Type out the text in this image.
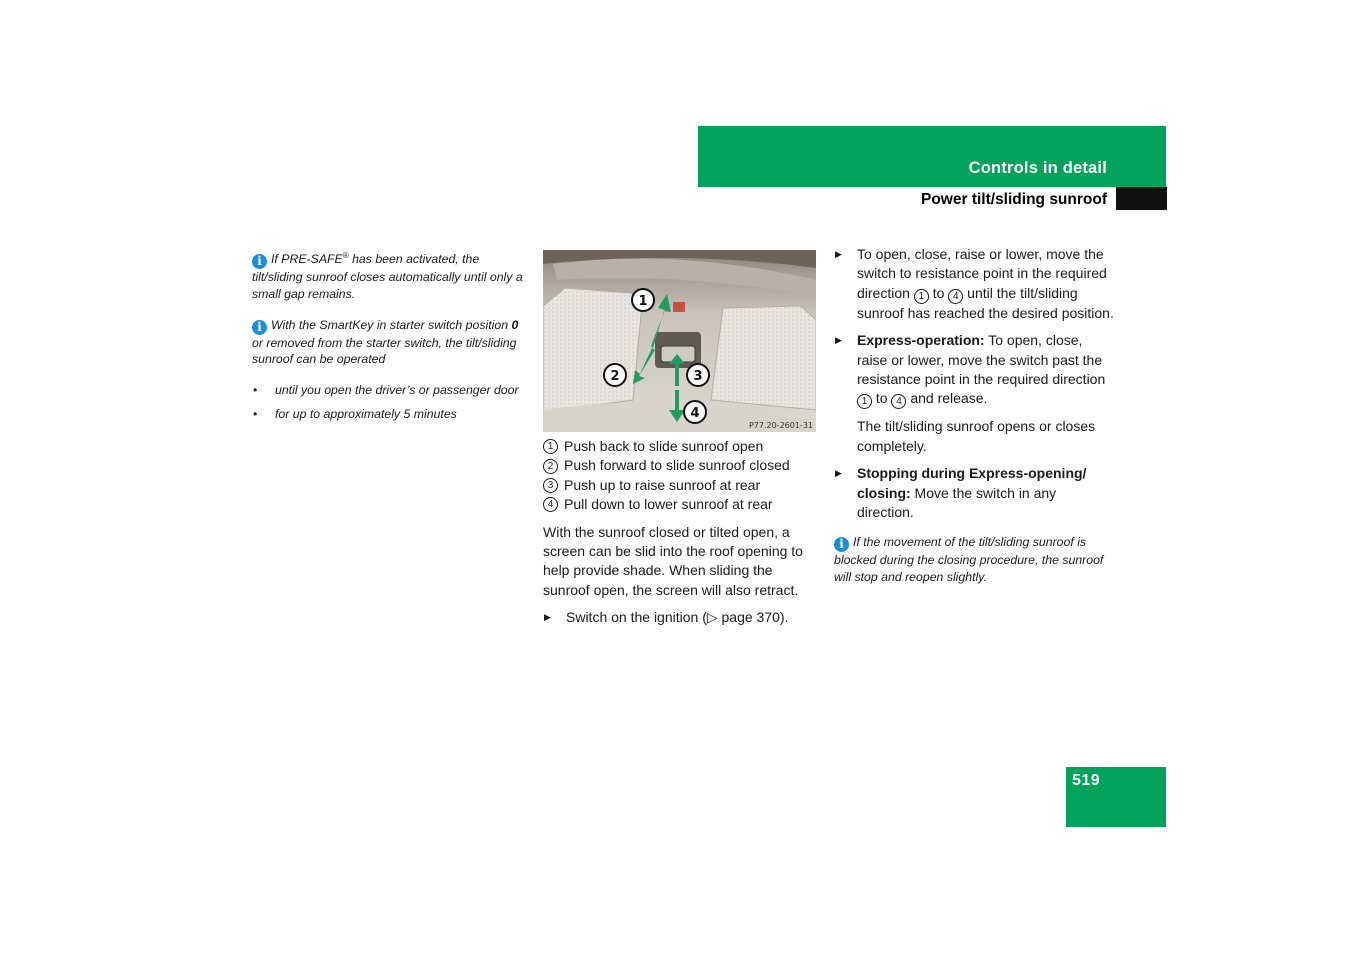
Controls in detail
Power tilt/sliding sunroof
519

i If PRE-SAFE® has been activated, the tilt/sliding sunroof closes automatically until only a small gap remains.

i With the SmartKey in starter switch position 0 or removed from the starter switch, the tilt/sliding sunroof can be operated

• until you open the driver’s or passenger door
• for up to approximately 5 minutes
1
2	3
4
P77.20-2601-31
1 Push back to slide sunroof open
2 Push forward to slide sunroof closed
3 Push up to raise sunroof at rear
4 Pull down to lower sunroof at rear

With the sunroof closed or tilted open, a screen can be slid into the roof opening to help provide shade. When sliding the sunroof open, the screen will also retract.

▶ Switch on the ignition (▷ page 370).

▶ To open, close, raise or lower, move the switch to resistance point in the required direction 1 to 4 until the tilt/sliding sunroof has reached the desired position.

▶ Express-operation: To open, close, raise or lower, move the switch past the resistance point in the required direction 1 to 4 and release.

The tilt/sliding sunroof opens or closes completely.

▶ Stopping during Express-opening/ closing: Move the switch in any direction.

i If the movement of the tilt/sliding sunroof is blocked during the closing procedure, the sunroof will stop and reopen slightly.
